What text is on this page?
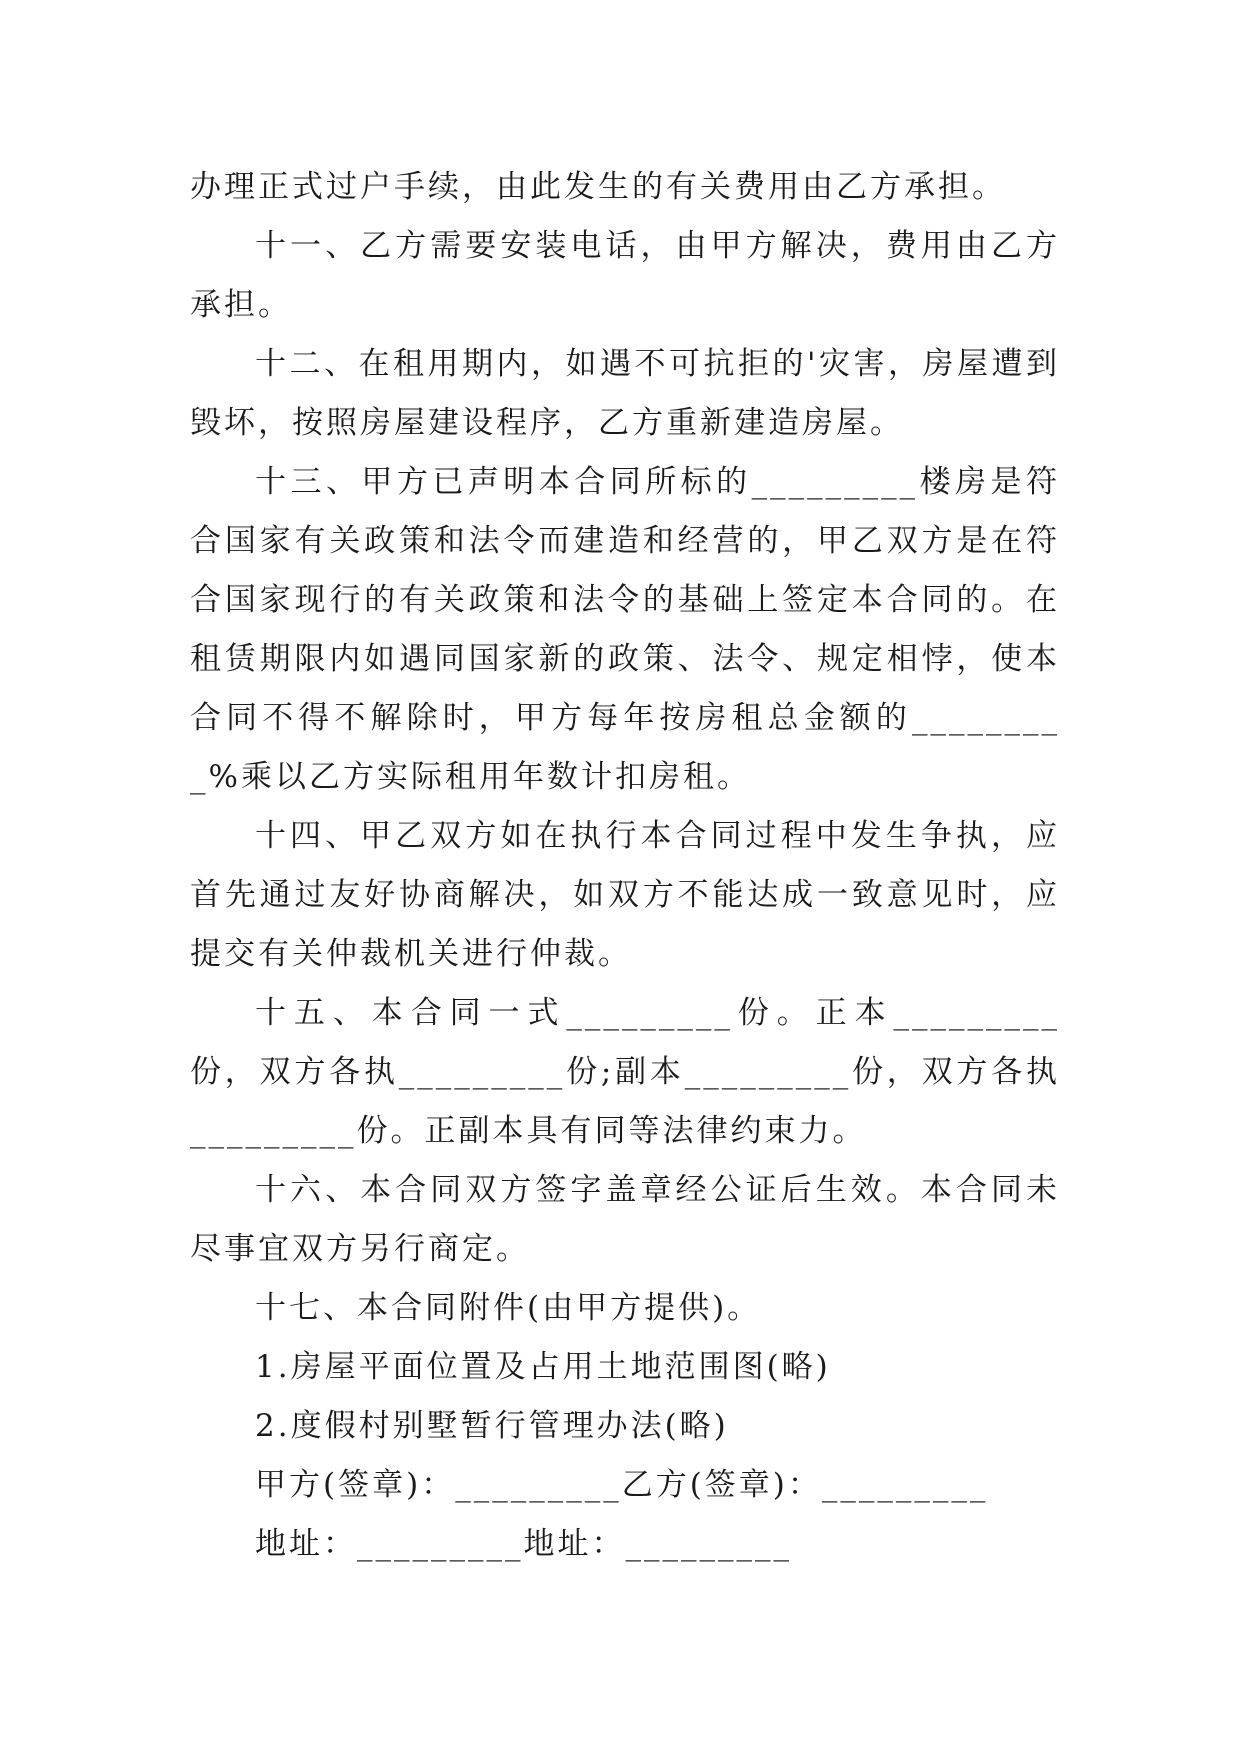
办理正式过户手续，由此发生的有关费用由乙方承担。

十一、乙方需要安装电话，由甲方解决，费用由乙方承担。

十二、在租用期内，如遇不可抗拒的'灾害，房屋遭到毁坏，按照房屋建设程序，乙方重新建造房屋。

十三、甲方已声明本合同所标的_________楼房是符合国家有关政策和法令而建造和经营的，甲乙双方是在符合国家现行的有关政策和法令的基础上签定本合同的。在租赁期限内如遇同国家新的政策、法令、规定相悖，使本合同不得不解除时，甲方每年按房租总金额的_________%乘以乙方实际租用年数计扣房租。

十四、甲乙双方如在执行本合同过程中发生争执，应首先通过友好协商解决，如双方不能达成一致意见时，应提交有关仲裁机关进行仲裁。

十五、本合同一式_________份。正本_________份，双方各执_________份;副本_________份，双方各执_________份。正副本具有同等法律约束力。

十六、本合同双方签字盖章经公证后生效。本合同未尽事宜双方另行商定。

十七、本合同附件(由甲方提供)。

1.房屋平面位置及占用土地范围图(略)

2.度假村别墅暂行管理办法(略)

甲方(签章)：_________乙方(签章)：_________

地址：_________地址：_________
